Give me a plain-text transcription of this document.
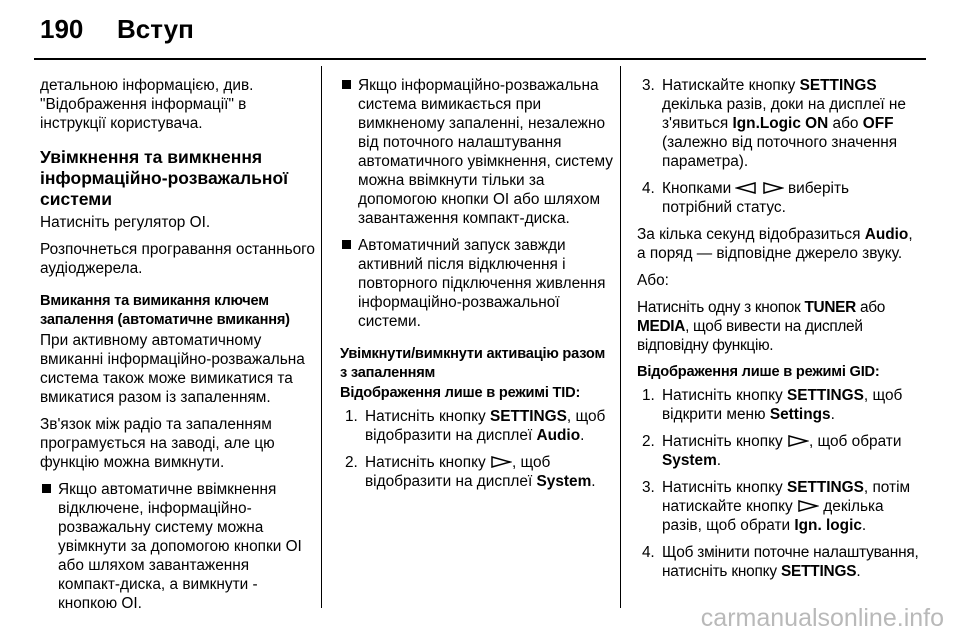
190 Вступ

детальною інформацією, див. "Відображення інформації" в інструкції користувача.

Увімкнення та вимкнення інформаційно-розважальної системи

Натисніть регулятор OI.

Розпочнеться програвання останнього аудіоджерела.

Вмикання та вимикання ключем запалення (автоматичне вмикання)

При активному автоматичному вмиканні інформаційно-розважальна система також може вимикатися та вмикатися разом із запаленням.

Зв'язок між радіо та запаленням програмується на заводі, але цю функцію можна вимкнути.

Якщо автоматичне ввімкнення відключене, інформаційно-розважальну систему можна увімкнути за допомогою кнопки OI або шляхом завантаження компакт-диска, а вимкнути - кнопкою OI.
Якщо інформаційно-розважальна система вимикається при вимкненому запаленні, незалежно від поточного налаштування автоматичного увімкнення, систему можна ввімкнути тільки за допомогою кнопки OI або шляхом завантаження компакт-диска.
Автоматичний запуск завжди активний після відключення і повторного підключення живлення інформаційно-розважальної системи.
Увімкнути/вимкнути активацію разом з запаленням
Відображення лише в режимі TID:
1. Натисніть кнопку SETTINGS, щоб відобразити на дисплеї Audio.
2. Натисніть кнопку , щоб відобразити на дисплеї System.
3. Натискайте кнопку SETTINGS декілька разів, доки на дисплеї не з'явиться Ign.Logic ON або OFF (залежно від поточного значення параметра).
4. Кнопками	виберіть потрібний статус.

За кілька секунд відобразиться Audio, а поряд — відповідне джерело звуку.

Або:

Натисніть одну з кнопок TUNER або MEDIA, щоб вивести на дисплей відповідну функцію.

Відображення лише в режимі GID:
1. Натисніть кнопку SETTINGS, щоб відкрити меню Settings.
2. Натисніть кнопку , щоб обрати System.
3. Натисніть кнопку SETTINGS, потім натискайте кнопку  декілька разів, щоб обрати Ign. logic.
4. Щоб змінити поточне налаштування, натисніть кнопку SETTINGS.
carmanualsonline.info
